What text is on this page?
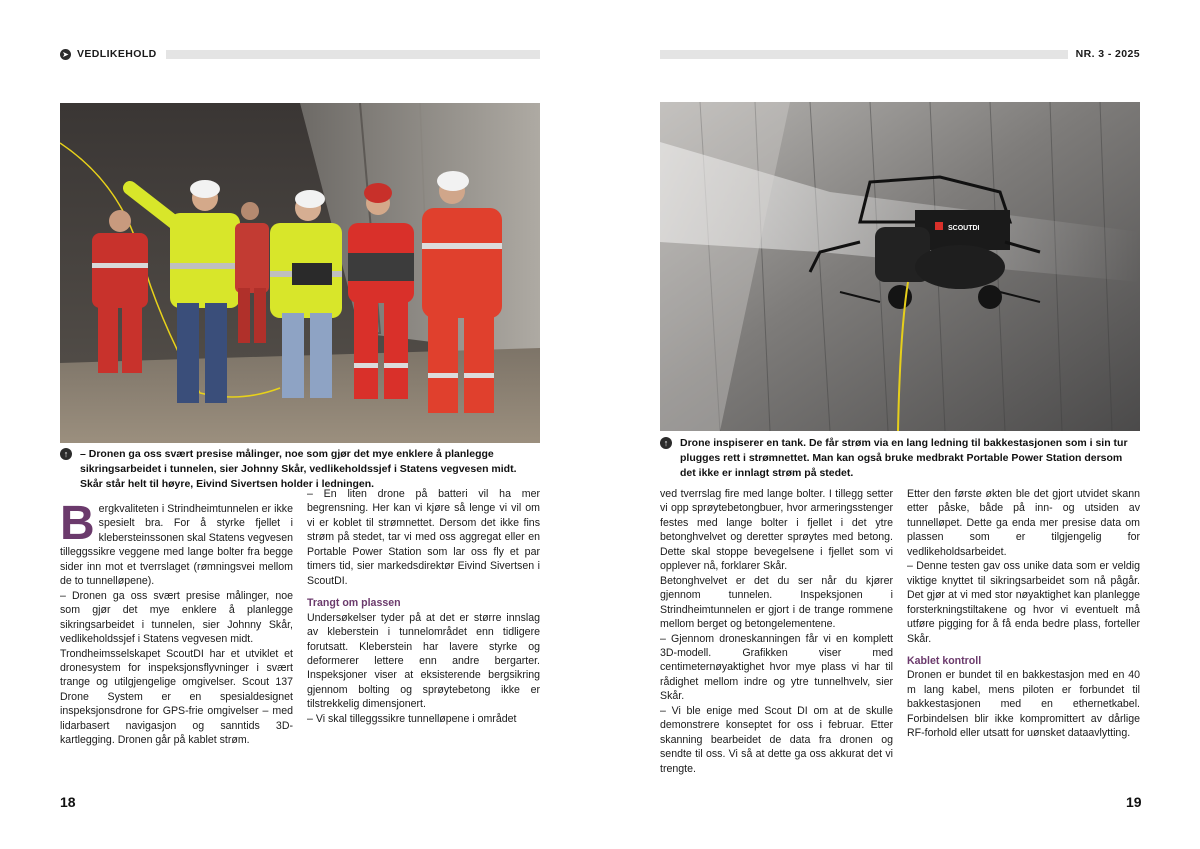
➤ VEDLIKEHOLD
↑	– Dronen ga oss svært presise målinger, noe som gjør det mye enklere å planlegge sikringsarbeidet i tunnelen, sier Johnny Skår, vedlikeholdssjef i Statens vegvesen midt. Skår står helt til høyre, Eivind Sivertsen holder i ledningen.

Bergkvaliteten i Strindheimtunnelen er ikke spesielt bra. For å styrke fjellet i klebersteinssonen skal Statens vegvesen tilleggssikre veggene med lange bolter fra begge sider inn mot et tverrslaget (rømningsvei mellom de to tunnelløpene).

– Dronen ga oss svært presise målinger, noe som gjør det mye enklere å planlegge sikringsarbeidet i tunnelen, sier Johnny Skår, vedlikeholdssjef i Statens vegvesen midt.

Trondheimsselskapet ScoutDI har et utviklet et dronesystem for inspeksjonsflyvninger i svært trange og utilgjengelige omgivelser. Scout 137 Drone System er en spesialdesignet inspeksjonsdrone for GPS-frie omgivelser – med lidarbasert navigasjon og sanntids 3D-kartlegging. Dronen går på kablet strøm.

– En liten drone på batteri vil ha mer begrensning. Her kan vi kjøre så lenge vi vil om vi er koblet til strømnettet. Dersom det ikke fins strøm på stedet, tar vi med oss aggregat eller en Portable Power Station som lar oss fly et par timers tid, sier markedsdirektør Eivind Sivertsen i ScoutDI.

Trangt om plassen

Undersøkelser tyder på at det er større innslag av kleberstein i tunnelområdet enn tidligere forutsatt. Kleberstein har lavere styrke og deformerer lettere enn andre bergarter. Inspeksjoner viser at eksisterende bergsikring gjennom bolting og sprøytebetong ikke er tilstrekkelig dimensjonert.

– Vi skal tilleggssikre tunnelløpene i området

18
NR. 3 - 2025
SCOUTDI
↑	Drone inspiserer en tank. De får strøm via en lang ledning til bakkestasjonen som i sin tur plugges rett i strømnettet. Man kan også bruke medbrakt Portable Power Station dersom det ikke er innlagt strøm på stedet.

ved tverrslag fire med lange bolter. I tillegg setter vi opp sprøytebetongbuer, hvor armeringsstenger festes med lange bolter i fjellet i det ytre betonghvelvet og deretter sprøytes med betong. Dette skal stoppe bevegelsene i fjellet som vi opplever nå, forklarer Skår.

Betonghvelvet er det du ser når du kjører gjennom tunnelen. Inspeksjonen i Strindheimtunnelen er gjort i de trange rommene mellom berget og betongelementene.

– Gjennom droneskanningen får vi en komplett 3D-modell. Grafikken viser med centimeternøyaktighet hvor mye plass vi har til rådighet mellom indre og ytre tunnelhvelv, sier Skår.

– Vi ble enige med Scout DI om at de skulle demonstrere konseptet for oss i februar. Etter skanning bearbeidet de data fra dronen og sendte til oss. Vi så at dette ga oss akkurat det vi trengte.

Etter den første økten ble det gjort utvidet skann etter påske, både på inn- og utsiden av tunnelløpet. Dette ga enda mer presise data om plassen som er tilgjengelig for vedlikeholdsarbeidet.

– Denne testen gav oss unike data som er veldig viktige knyttet til sikringsarbeidet som nå pågår. Det gjør at vi med stor nøyaktighet kan planlegge forsterkningstiltakene og hvor vi eventuelt må utføre pigging for å få enda bedre plass, forteller Skår.

Kablet kontroll

Dronen er bundet til en bakkestasjon med en 40 m lang kabel, mens piloten er forbundet til bakkestasjonen med en ethernetkabel. Forbindelsen blir ikke kompromittert av dårlige RF-forhold eller utsatt for uønsket dataavlytting.

19
